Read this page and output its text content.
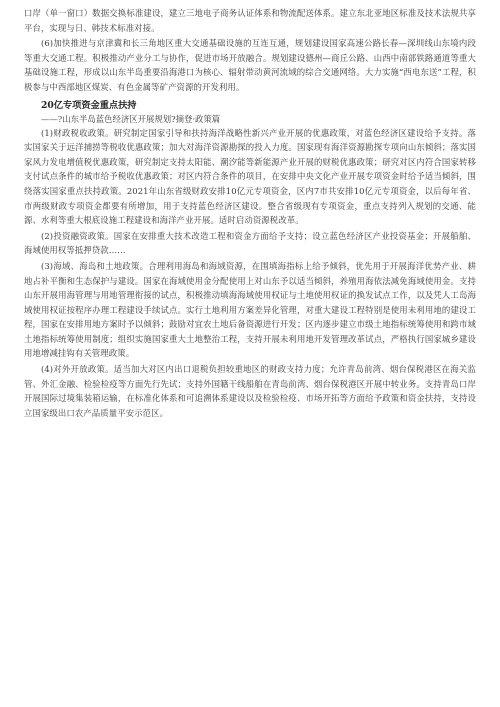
口岸（单一窗口）数据交换标准建设，建立三地电子商务认证体系和物流配送体系。建立东北亚地区标准及技术法规共享平台，实现与日、韩技术标准对接。

(6)加快推进与京津冀和长三角地区重大交通基础设施的互连互通，规划建设国家高速公路长春—深圳线山东境内段等重大交通工程。积极推动产业分工与协作，促进市场开放融合。规划建设德州—商丘公路、山西中南部铁路通道等重大基础设施工程，形成以山东半岛重要沿海港口为核心、辐射带动黄河流域的综合交通网络。大力实施“西电东送”工程，积极参与中西部地区煤炭、有色金属等矿产资源的开发利用。

20亿专项资金重点扶持
——?山东半岛蓝色经济区开展规划?摘登·政策篇

(1)财政税收政策。研究制定国家引导和扶持海洋战略性新兴产业开展的优惠政策，对蓝色经济区建设给予支持。落实国家关于远洋捕捞等税收优惠政策；加大对海洋资源勘探的投入力度。国家现有海洋资源勘探专项向山东倾斜；落实国家风力发电增值税优惠政策，研究制定支持太阳能、潮汐能等新能源产业开展的财税优惠政策；研究对区内符合国家转移支付试点条件的城市给予税收优惠政策；对区内符合条件的项目，在安排中央文化产业开展专项资金时给予适当倾斜，围绕落实国家重点扶持政策。2021年山东省级财政安排10亿元专项资金，区内7市共安排10亿元专项资金，以后每年省、市两级财政专项资金都要有所增加，用于支持蓝色经济区建设。整合省级现有专项资金，重点支持列入规划的交通、能源、水利等重大根底设施工程建设和海洋产业开展。适时启动资源税改革。

(2)投资融资政策。国家在安排重大技术改造工程和资金方面给予支持；设立蓝色经济区产业投资基金；开展船舶、海域使用权等抵押贷款……

(3)海域、海岛和土地政策。合理利用海岛和海域资源，在围填海指标上给予倾斜，优先用于开展海洋优势产业、耕地占补平衡和生态保护与建设。国家在海域使用金分配使用上对山东予以适当倾斜，养殖用海依法减免海域使用金。支持山东开展用海管理与用地管理衔接的试点，积极推动填海海域使用权证与土地使用权证的换发试点工作，以及凭人工岛海域使用权证按程序办理工程建设手续试点。实行土地利用方案差异化管理，对重大建设工程特别是使用未利用地的建设工程，国家在安排用地方案时予以倾斜；鼓励对宜农土地后备资源进行开发；区内逐步建立市级土地指标统筹使用和跨市域土地指标统筹使用制度；组织实施国家重大土地整治工程，支持开展未利用地开发管理改革试点，严格执行国家城乡建设用地增减挂钩有关管理政策。

(4)对外开放政策。适当加大对区内出口退税负担较重地区的财政支持力度；允许青岛前湾、烟台保税港区在海关监管、外汇金融、检验检疫等方面先行先试；支持外国籍干线船舶在青岛前湾、烟台保税港区开展中转业务。支持青岛口岸开展国际过境集装箱运输，在标准化体系和可追溯体系建设以及检验检疫、市场开拓等方面给予政策和资金扶持，支持设立国家级出口农产品质量平安示范区。
